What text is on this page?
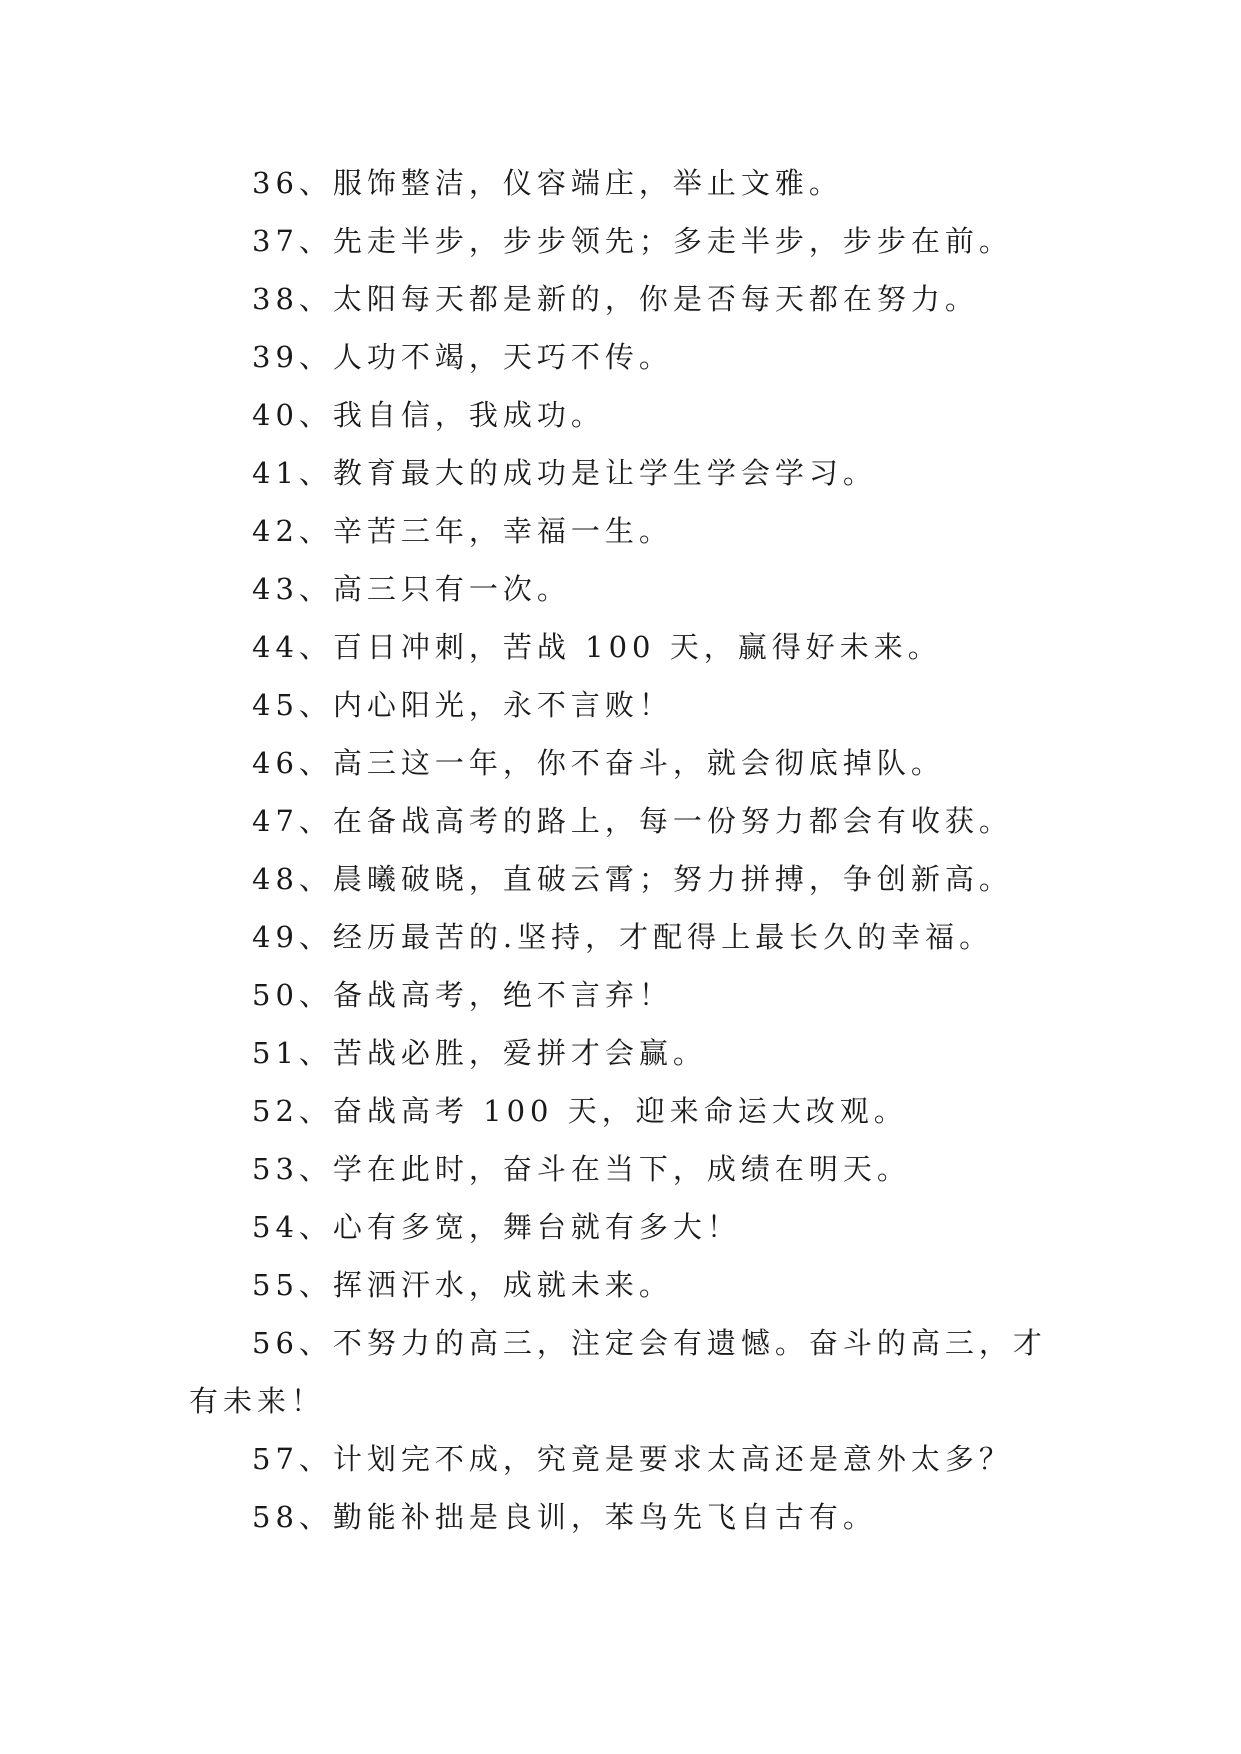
36、服饰整洁，仪容端庄，举止文雅。

37、先走半步，步步领先；多走半步，步步在前。

38、太阳每天都是新的，你是否每天都在努力。

39、人功不竭，天巧不传。

40、我自信，我成功。

41、教育最大的成功是让学生学会学习。

42、辛苦三年，幸福一生。

43、高三只有一次。

44、百日冲刺，苦战 100 天，赢得好未来。

45、内心阳光，永不言败！

46、高三这一年，你不奋斗，就会彻底掉队。

47、在备战高考的路上，每一份努力都会有收获。

48、晨曦破晓，直破云霄；努力拼搏，争创新高。

49、经历最苦的.坚持，才配得上最长久的幸福。

50、备战高考，绝不言弃！

51、苦战必胜，爱拼才会赢。

52、奋战高考 100 天，迎来命运大改观。

53、学在此时，奋斗在当下，成绩在明天。

54、心有多宽，舞台就有多大！

55、挥洒汗水，成就未来。

56、不努力的高三，注定会有遗憾。奋斗的高三，才有未来！

57、计划完不成，究竟是要求太高还是意外太多？

58、勤能补拙是良训，苯鸟先飞自古有。
